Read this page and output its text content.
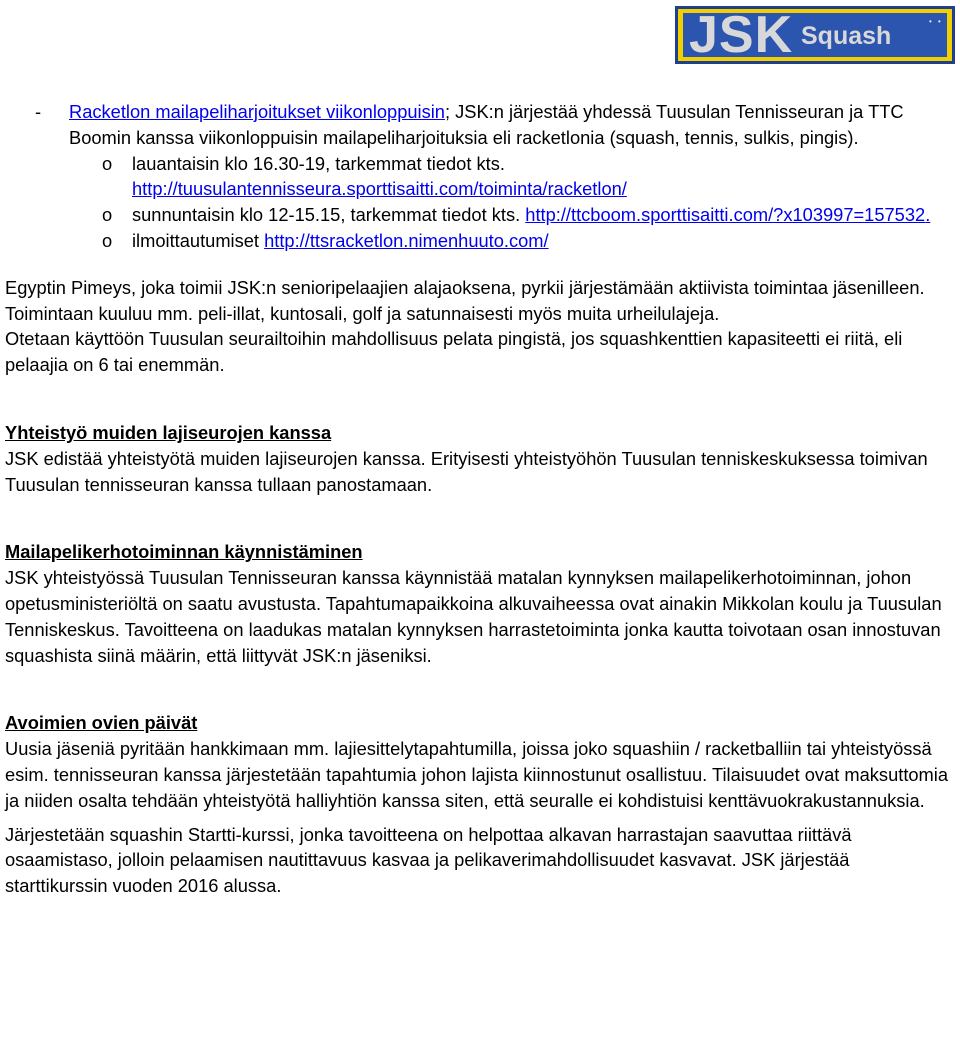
JSK Squash
• •

- Racketlon mailapeliharjoitukset viikonloppuisin; JSK:n järjestää yhdessä Tuusulan Tennisseuran ja TTC Boomin kanssa viikonloppuisin mailapeliharjoituksia eli racketlonia (squash, tennis, sulkis, pingis).

o lauantaisin klo 16.30-19, tarkemmat tiedot kts. http://tuusulantennisseura.sporttisaitti.com/toiminta/racketlon/

o sunnuntaisin klo 12-15.15, tarkemmat tiedot kts. http://ttcboom.sporttisaitti.com/?x103997=157532.

o ilmoittautumiset http://ttsracketlon.nimenhuuto.com/

Egyptin Pimeys, joka toimii JSK:n senioripelaajien alajaoksena, pyrkii järjestämään aktiivista toimintaa jäsenilleen. Toimintaan kuuluu mm. peli-illat, kuntosali, golf ja satunnaisesti myös muita urheilulajeja.

Otetaan käyttöön Tuusulan seurailtoihin mahdollisuus pelata pingistä, jos squashkenttien kapasiteetti ei riitä, eli pelaajia on 6 tai enemmän.

Yhteistyö muiden lajiseurojen kanssa

JSK edistää yhteistyötä muiden lajiseurojen kanssa. Erityisesti yhteistyöhön Tuusulan tenniskeskuksessa toimivan Tuusulan tennisseuran kanssa tullaan panostamaan.

Mailapelikerhotoiminnan käynnistäminen

JSK yhteistyössä Tuusulan Tennisseuran kanssa käynnistää matalan kynnyksen mailapelikerhotoiminnan, johon opetusministeriöltä on saatu avustusta. Tapahtumapaikkoina alkuvaiheessa ovat ainakin Mikkolan koulu ja Tuusulan Tenniskeskus. Tavoitteena on laadukas matalan kynnyksen harrastetoiminta jonka kautta toivotaan osan innostuvan squashista siinä määrin, että liittyvät JSK:n jäseniksi.

Avoimien ovien päivät

Uusia jäseniä pyritään hankkimaan mm. lajiesittelytapahtumilla, joissa joko squashiin / racketballiin tai yhteistyössä esim. tennisseuran kanssa järjestetään tapahtumia johon lajista kiinnostunut osallistuu. Tilaisuudet ovat maksuttomia ja niiden osalta tehdään yhteistyötä halliyhtiön kanssa siten, että seuralle ei kohdistuisi kenttävuokrakustannuksia.

Järjestetään squashin Startti-kurssi, jonka tavoitteena on helpottaa alkavan harrastajan saavuttaa riittävä osaamistaso, jolloin pelaamisen nautittavuus kasvaa ja pelikaverimahdollisuudet kasvavat. JSK järjestää starttikurssin vuoden 2016 alussa.
